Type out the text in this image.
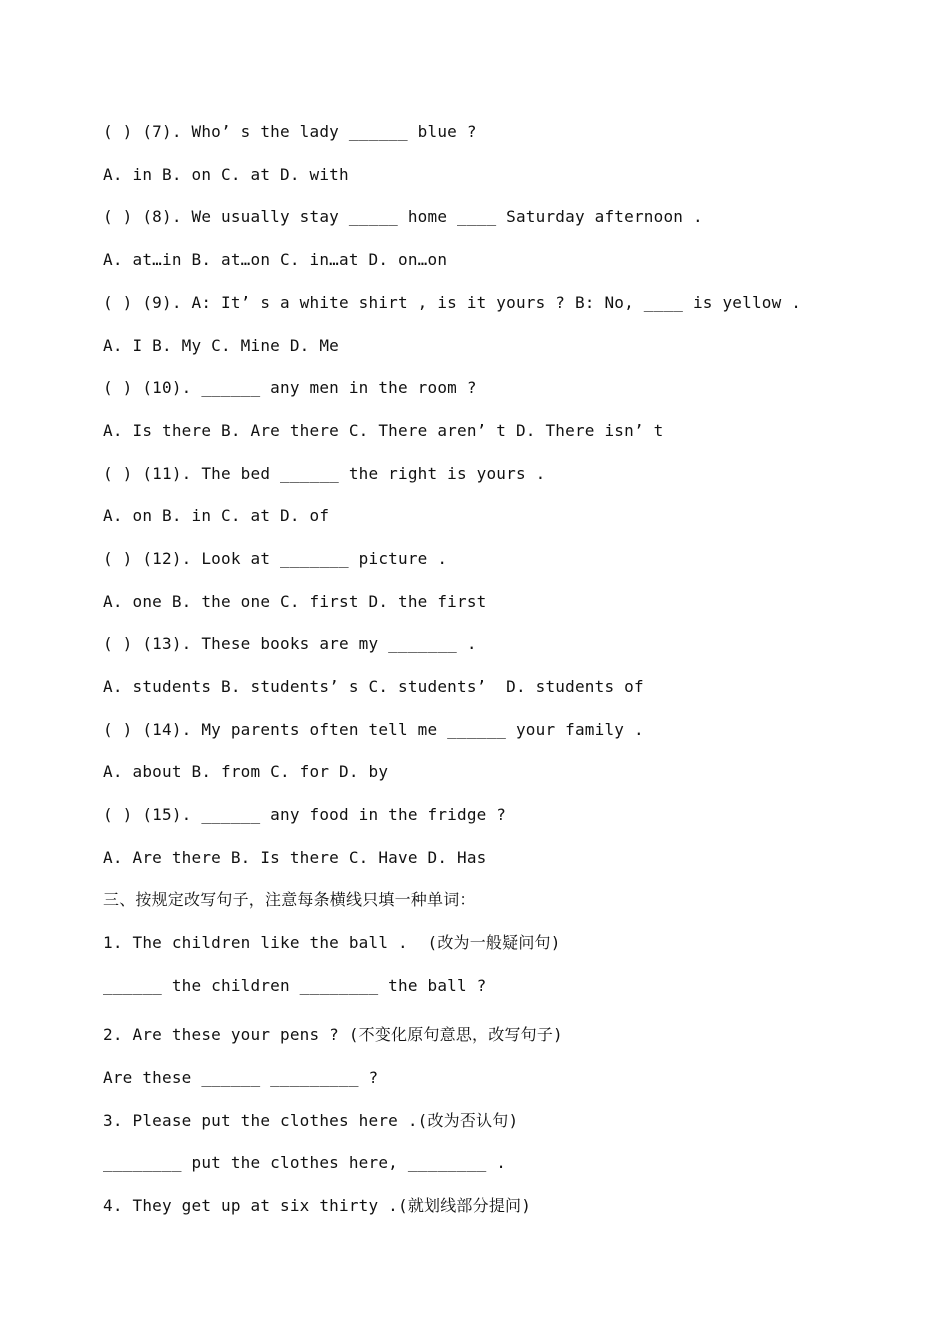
( ) (7). Who’ s the lady ______ blue ?
A. in B. on C. at D. with
( ) (8). We usually stay _____ home ____ Saturday afternoon .
A. at…in B. at…on C. in…at D. on…on
( ) (9). A: It’ s a white shirt , is it yours ? B: No, ____ is yellow .
A. I B. My C. Mine D. Me
( ) (10). ______ any men in the room ?
A. Is there B. Are there C. There aren’ t D. There isn’ t
( ) (11). The bed ______ the right is yours .
A. on B. in C. at D. of
( ) (12). Look at _______ picture .
A. one B. the one C. first D. the first
( ) (13). These books are my _______ .
A. students B. students’ s C. students’  D. students of
( ) (14). My parents often tell me ______ your family .
A. about B. from C. for D. by
( ) (15). ______ any food in the fridge ?
A. Are there B. Is there C. Have D. Has
三、按规定改写句子，注意每条横线只填一种单词：
1. The children like the ball .  (改为一般疑问句)
______ the children ________ the ball ?
2. Are these your pens ? (不变化原句意思，改写句子)
Are these ______ _________ ?
3. Please put the clothes here .(改为否认句)
________ put the clothes here, ________ .
4. They get up at six thirty .(就划线部分提问)
